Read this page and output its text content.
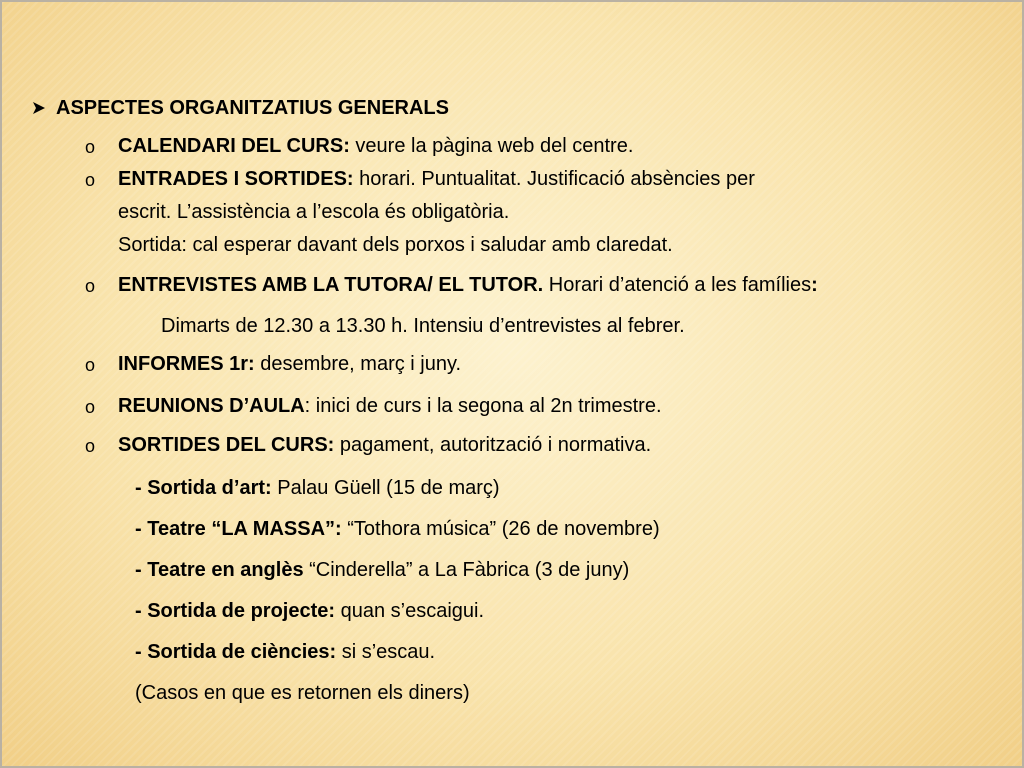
ASPECTES ORGANITZATIUS GENERALS
o CALENDARI DEL CURS: veure la pàgina web del centre.
o ENTRADES I SORTIDES: horari. Puntualitat. Justificació absències per
escrit. L’assistència a l’escola és obligatòria.
Sortida: cal esperar davant dels porxos i saludar amb claredat.
o ENTREVISTES AMB LA TUTORA/ EL TUTOR. Horari d’atenció a les famílies:
Dimarts de 12.30 a 13.30 h. Intensiu d’entrevistes al febrer.
o INFORMES 1r: desembre, març i juny.
o REUNIONS D’AULA: inici de curs i la segona al 2n trimestre.
o SORTIDES DEL CURS: pagament, autorització i normativa.
- Sortida d’art: Palau Güell (15 de març)
- Teatre “LA MASSA”: “Tothora música” (26 de novembre)
- Teatre en anglès “Cinderella” a La Fàbrica (3 de juny)
- Sortida de projecte: quan s’escaigui.
- Sortida de ciències: si s’escau.
(Casos en que es retornen els diners)
